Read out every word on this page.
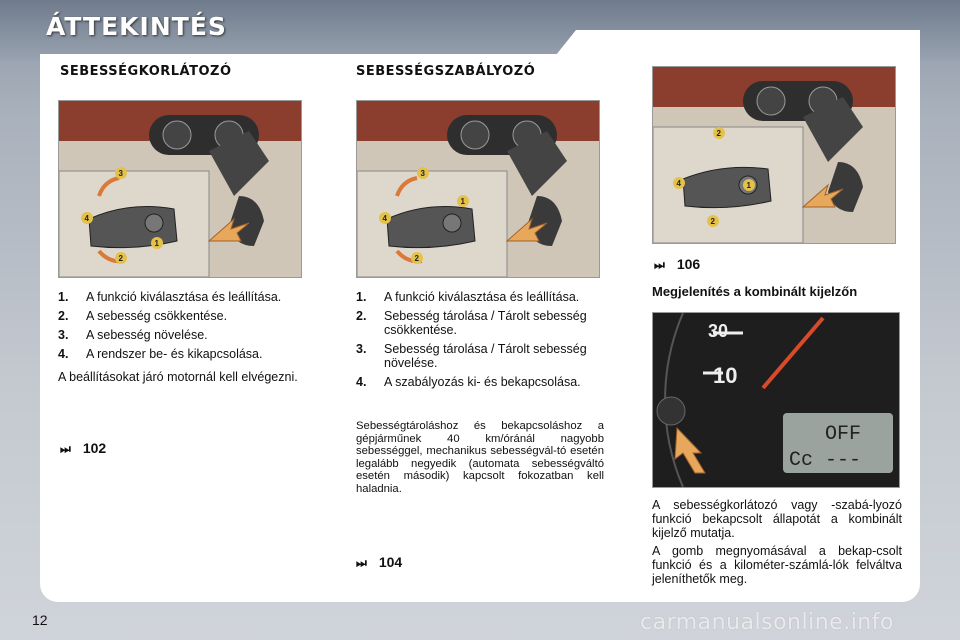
ÁTTEKINTÉS
SEBESSÉGKORLÁTOZÓ
3
4
1
2
1. A funkció kiválasztása és leállítása.
2. A sebesség csökkentése.
3. A sebesség növelése.
4. A rendszer be- és kikapcsolása.

A beállításokat járó motornál kell elvégezni.

⏭ 102
SEBESSÉGSZABÁLYOZÓ
3
1
4
2
1. A funkció kiválasztása és leállítása.
2. Sebesség tárolása / Tárolt sebesség csökkentése.
3. Sebesség tárolása / Tárolt sebesség növelése.
4. A szabályozás ki- és bekapcsolása.

Sebességtároláshoz és bekapcsoláshoz a gépjárműnek 40 km/óránál nagyobb sebességgel, mechanikus sebességvál-tó esetén legalább negyedik (automata sebességváltó esetén második) kapcsolt fokozatban kell haladnia.

⏭ 104
2
1
4
2
⏭ 106
Megjelenítés a kombinált kijelzőn
30
10
OFF
Cc ---

A sebességkorlátozó vagy -szabá-lyozó funkció bekapcsolt állapotát a kombinált kijelző mutatja.

A gomb megnyomásával a bekap-csolt funkció és a kilométer-számlá-lók felváltva jeleníthetők meg.

12	carmanualsonline.info
